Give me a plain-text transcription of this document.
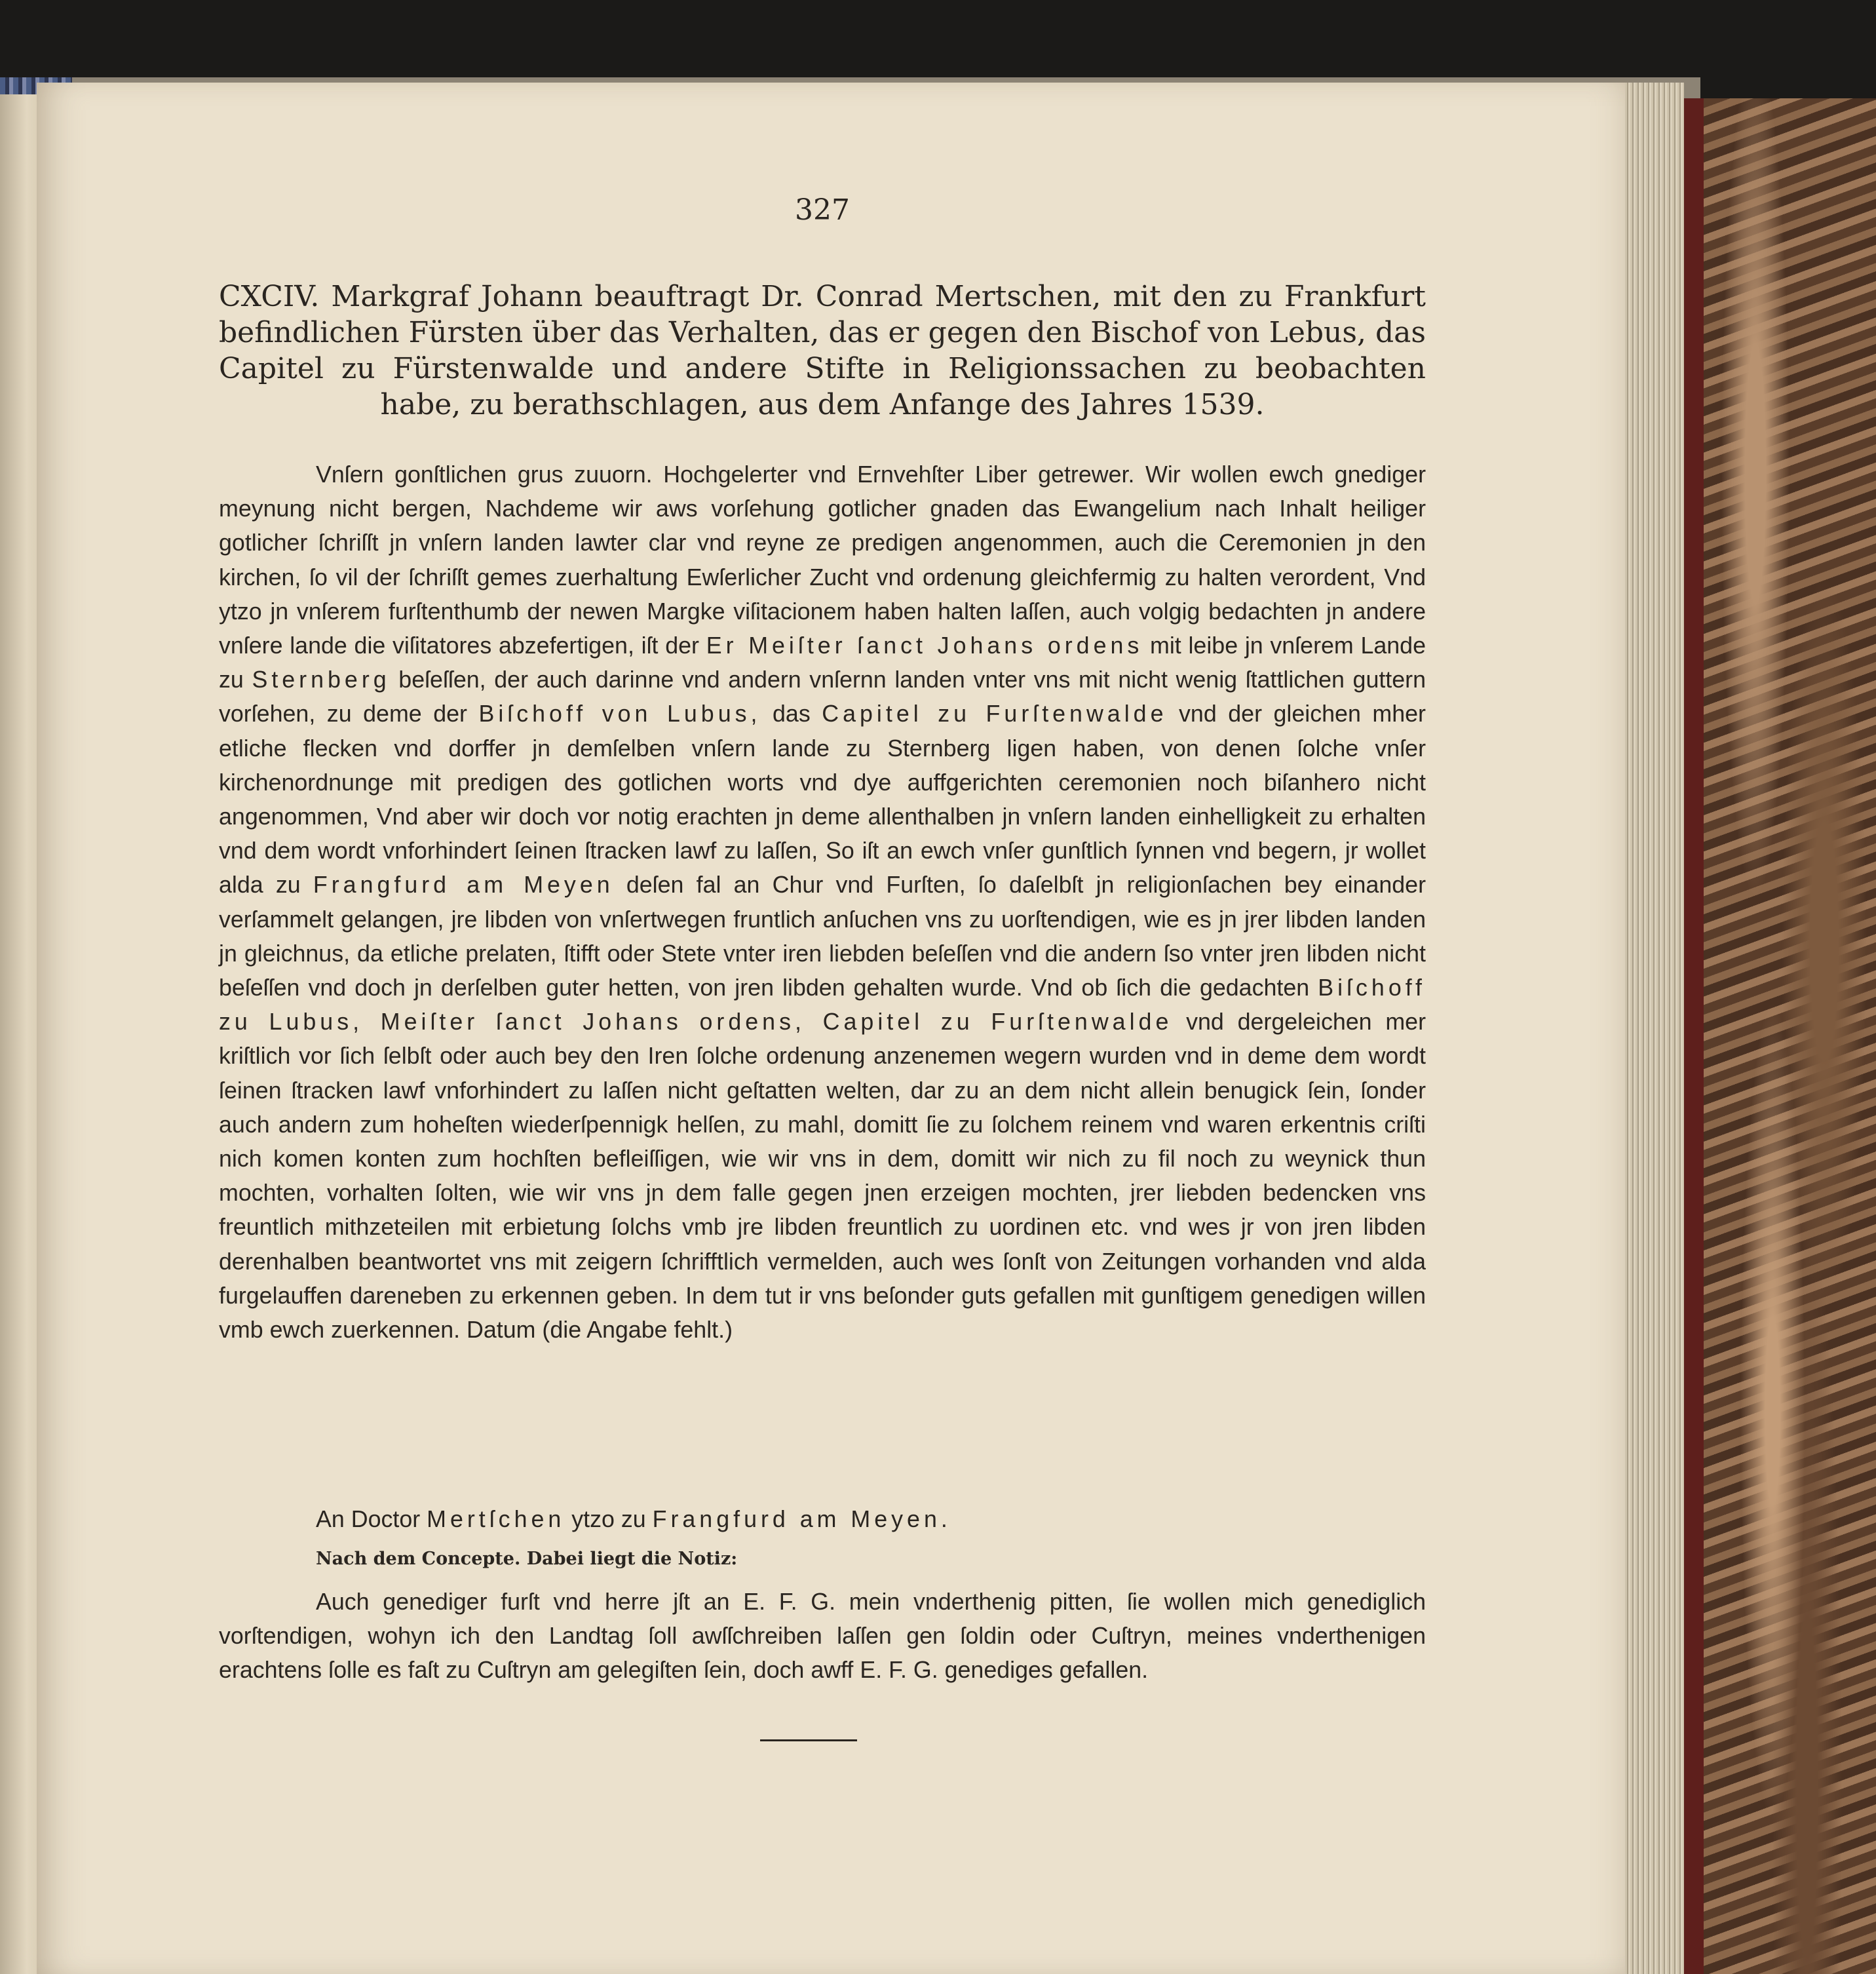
327
CXCIV. Markgraf Johann beauftragt Dr. Conrad Mertschen, mit den zu Frankfurt befindlichen Fürsten über das Verhalten, das er gegen den Bischof von Lebus, das Capitel zu Fürstenwalde und andere Stifte in Religionssachen zu beobachten habe, zu berathschlagen, aus dem Anfange des Jahres 1539.
Vnſern gonſtlichen grus zuuorn. Hochgelerter vnd Ernvehſter Liber getrewer. Wir wollen ewch gnediger meynung nicht bergen, Nachdeme wir aws vorſehung gotlicher gnaden das Ewangelium nach Inhalt heiliger gotlicher ſchriſſt jn vnſern landen lawter clar vnd reyne ze predigen angenommen, auch die Ceremonien jn den kirchen, ſo vil der ſchriſſt gemes zuerhaltung Ewſerlicher Zucht vnd ordenung gleichfermig zu halten verordent, Vnd ytzo jn vnſerem furſtenthumb der newen Margke viſitacionem haben halten laſſen, auch volgig bedachten jn andere vnſere lande die viſitatores abzefertigen, iſt der Er Meiſter ſanct Johans ordens mit leibe jn vnſerem Lande zu Sternberg beſeſſen, der auch darinne vnd andern vnſernn landen vnter vns mit nicht wenig ſtattlichen guttern vorſehen, zu deme der Biſchoff von Lubus, das Capitel zu Furſtenwalde vnd der gleichen mher etliche flecken vnd dorffer jn demſelben vnſern lande zu Sternberg ligen haben, von denen ſolche vnſer kirchenordnunge mit predigen des gotlichen worts vnd dye auffgerichten ceremonien noch biſanhero nicht angenommen, Vnd aber wir doch vor notig erachten jn deme allenthalben jn vnſern landen einhelligkeit zu erhalten vnd dem wordt vnforhindert ſeinen ſtracken lawf zu laſſen, So iſt an ewch vnſer gunſtlich ſynnen vnd begern, jr wollet alda zu Frangfurd am Meyen deſen fal an Chur vnd Furſten, ſo daſelbſt jn religionſachen bey einander verſammelt gelangen, jre libden von vnſertwegen fruntlich anſuchen vns zu uorſtendigen, wie es jn jrer libden landen jn gleichnus, da etliche prelaten, ſtifft oder Stete vnter iren liebden beſeſſen vnd die andern ſso vnter jren libden nicht beſeſſen vnd doch jn derſelben guter hetten, von jren libden gehalten wurde. Vnd ob ſich die gedachten Biſchoff zu Lubus, Meiſter ſanct Johans ordens, Capitel zu Furſtenwalde vnd dergeleichen mer kriſtlich vor ſich ſelbſt oder auch bey den Iren ſolche ordenung anzenemen wegern wurden vnd in deme dem wordt ſeinen ſtracken lawf vnforhindert zu laſſen nicht geſtatten welten, dar zu an dem nicht allein benugick ſein, ſonder auch andern zum hoheſten wiederſpennigk helſen, zu mahl, domitt ſie zu ſolchem reinem vnd waren erkentnis criſti nich komen konten zum hochſten befleiſſigen, wie wir vns in dem, domitt wir nich zu fil noch zu weynick thun mochten, vorhalten ſolten, wie wir vns jn dem falle gegen jnen erzeigen mochten, jrer liebden bedencken vns freuntlich mithzeteilen mit erbietung ſolchs vmb jre libden freuntlich zu uordinen etc. vnd wes jr von jren libden derenhalben beantwortet vns mit zeigern ſchrifftlich vermelden, auch wes ſonſt von Zeitungen vorhanden vnd alda furgelauffen dareneben zu erkennen geben. In dem tut ir vns beſonder guts gefallen mit gunſtigem genedigen willen vmb ewch zuerkennen. Datum (die Angabe fehlt.)
An Doctor Mertſchen ytzo zu Frangfurd am Meyen.
Nach dem Concepte. Dabei liegt die Notiz:
Auch genediger furſt vnd herre jſt an E. F. G. mein vnderthenig pitten, ſie wollen mich genediglich vorſtendigen, wohyn ich den Landtag ſoll awſſchreiben laſſen gen ſoldin oder Cuſtryn, meines vnderthenigen erachtens ſolle es faſt zu Cuſtryn am gelegiſten ſein, doch awff E. F. G. genediges gefallen.
